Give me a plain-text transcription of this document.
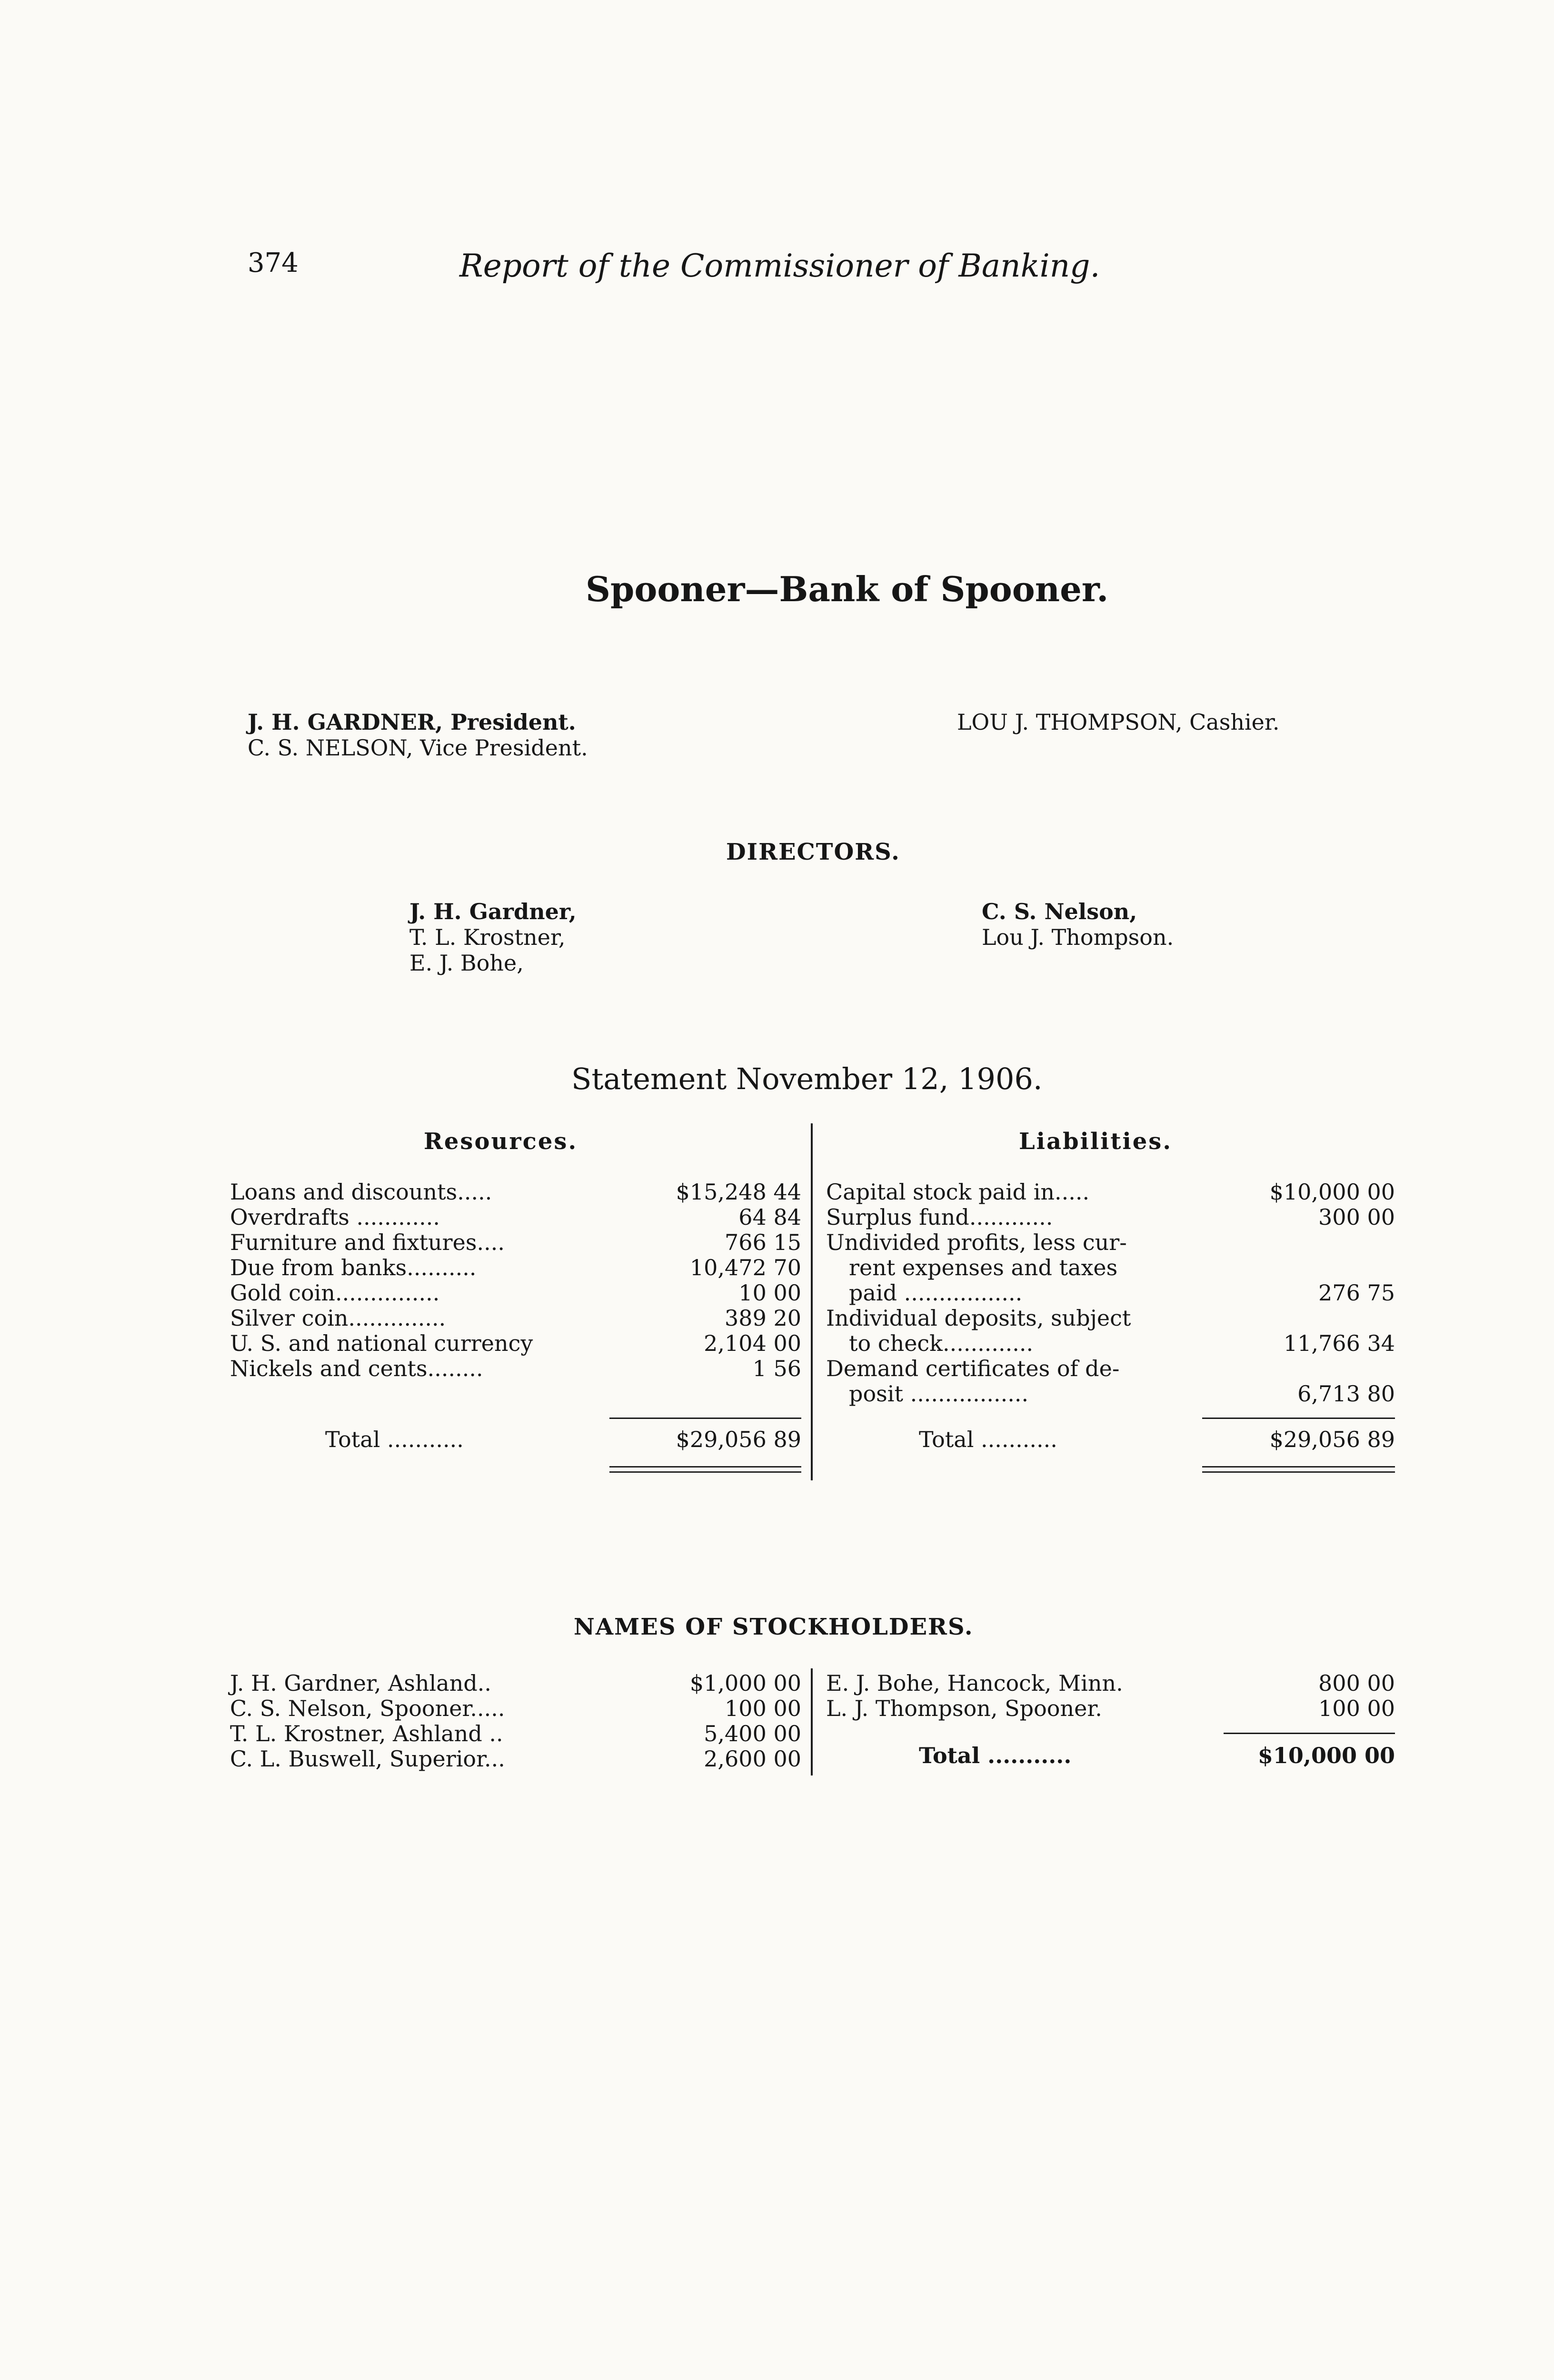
374	Report of the Commissioner of Banking.
Spooner—Bank of Spooner.
J. H. GARDNER, President.
C. S. NELSON, Vice President.
LOU J. THOMPSON, Cashier.
DIRECTORS.
J. H. Gardner,
T. L. Krostner,
E. J. Bohe,
C. S. Nelson,
Lou J. Thompson.
Statement November 12, 1906.
Resources.	Liabilities.
Loans and discounts.....	$15,248 44
Overdrafts ............	64 84
Furniture and fixtures....	766 15
Due from banks..........	10,472 70
Gold coin...............	10 00
Silver coin..............	389 20
U. S. and national currency	2,104 00
Nickels and cents........	1 56
Total ...........	$29,056 89
Capital stock paid in.....	$10,000 00
Surplus fund............	300 00
Undivided profits, less cur-
rent expenses and taxes
paid .................	276 75
Individual deposits, subject
to check.............	11,766 34
Demand certificates of de-
posit .................	6,713 80
Total ...........	$29,056 89
NAMES OF STOCKHOLDERS.
J. H. Gardner, Ashland..	$1,000 00
C. S. Nelson, Spooner.....	100 00
T. L. Krostner, Ashland ..	5,400 00
C. L. Buswell, Superior...	2,600 00
E. J. Bohe, Hancock, Minn.	800 00
L. J. Thompson, Spooner.	100 00
Total ...........	$10,000 00
